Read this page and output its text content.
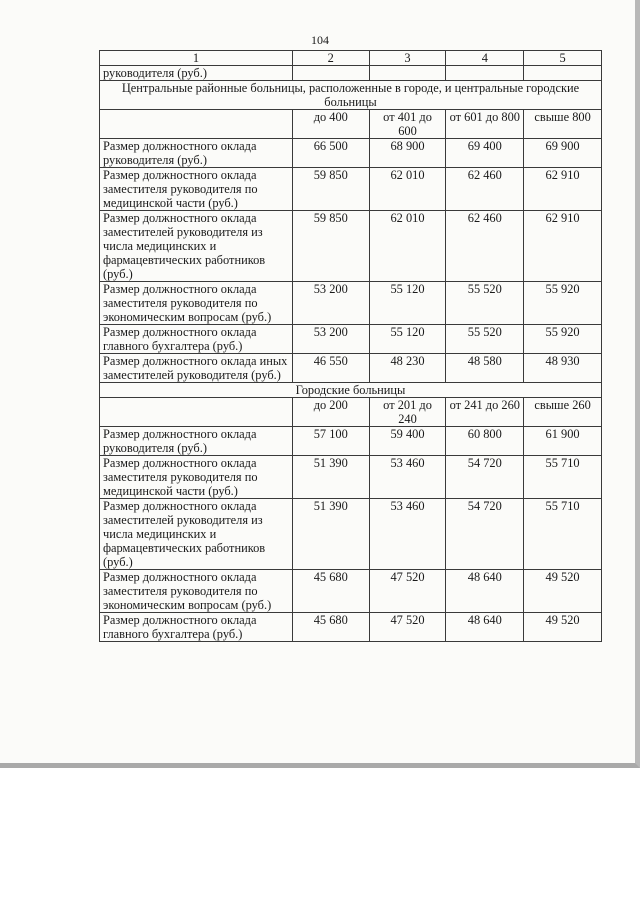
104
1	2	3	4	5
руководителя (руб.)				
Центральные районные больницы, расположенные в городе, и центральные городские больницы				
	до 400	от 401 до 600	от 601 до 800	свыше 800
Размер должностного оклада руководителя (руб.)	66 500	68 900	69 400	69 900
Размер должностного оклада заместителя руководителя по медицинской части (руб.)	59 850	62 010	62 460	62 910
Размер должностного оклада заместителей руководителя из числа медицинских и фармацевтических работников (руб.)	59 850	62 010	62 460	62 910
Размер должностного оклада заместителя руководителя по экономическим вопросам (руб.)	53 200	55 120	55 520	55 920
Размер должностного оклада главного бухгалтера (руб.)	53 200	55 120	55 520	55 920
Размер должностного оклада иных заместителей руководителя (руб.)	46 550	48 230	48 580	48 930
Городские больницы				
	до 200	от 201 до 240	от 241 до 260	свыше 260
Размер должностного оклада руководителя (руб.)	57 100	59 400	60 800	61 900
Размер должностного оклада заместителя руководителя по медицинской части (руб.)	51 390	53 460	54 720	55 710
Размер должностного оклада заместителей руководителя из числа медицинских и фармацевтических работников (руб.)	51 390	53 460	54 720	55 710
Размер должностного оклада заместителя руководителя по экономическим вопросам (руб.)	45 680	47 520	48 640	49 520
Размер должностного оклада главного бухгалтера (руб.)	45 680	47 520	48 640	49 520
